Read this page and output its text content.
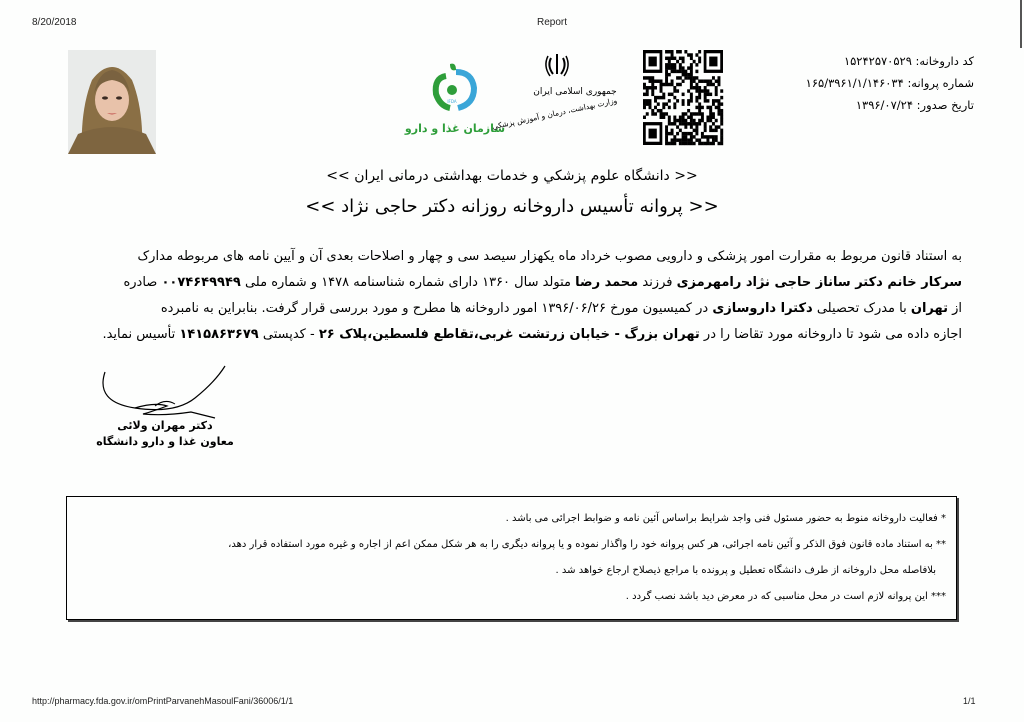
8/20/2018	Report
IFDA
سازمان غذا و دارو
جمهوری اسلامی ایران
وزارت بهداشت، درمان و آموزش پزشکی
کد داروخانه: ۱۵۲۴۲۵۷۰۵۲۹
شماره پروانه: ۱۶۵/۳۹۶۱/۱/۱۴۶۰۳۴
تاریخ صدور: ۱۳۹۶/۰۷/۲۴
<< دانشگاه علوم پزشكي و خدمات بهداشتی درمانی ایران >>
<< پروانه تأسیس داروخانه روزانه دکتر حاجی نژاد >>
به استناد قانون مربوط به مقرارت امور پزشکی و دارویی مصوب خرداد ماه یکهزار سیصد سی و چهار و اصلاحات بعدی آن و آیین نامه های مربوطه مدارک
سرکار خانم دکتر ساناز حاجی نژاد رامهرمزی فرزند محمد رضا متولد سال ۱۳۶۰ دارای شماره شناسنامه ۱۴۷۸ و شماره ملی ۰۰۷۴۶۴۹۹۴۹ صادره
از تهران با مدرک تحصیلی دکترا داروسازی در کمیسیون مورخ ۱۳۹۶/۰۶/۲۶ امور داروخانه ها مطرح و مورد بررسی قرار گرفت. بنابراین به نامبرده
اجازه داده می شود تا داروخانه مورد تقاضا را در تهران بزرگ - خیابان زرتشت غربی،تقاطع فلسطین،پلاک ۲۶ - کدپستی ۱۴۱۵۸۶۳۶۷۹ تأسیس نماید.
دکتر مهران ولائی
معاون غذا و دارو دانشگاه
* فعالیت داروخانه منوط به حضور مسئول فنی واجد شرایط براساس آئین نامه و ضوابط اجرائی می باشد .
** به استناد ماده قانون فوق الذکر و آئین نامه اجرائی، هر کس پروانه خود را واگذار نموده و یا پروانه دیگری را به هر شکل ممکن اعم از اجاره و غیره مورد استفاده قرار دهد،
بلافاصله محل داروخانه از طرف دانشگاه تعطیل و پرونده با مراجع ذیصلاح ارجاع خواهد شد .
*** این پروانه لازم است در محل مناسبی که در معرض دید باشد نصب گردد .
http://pharmacy.fda.gov.ir/omPrintParvanehMasoulFani/36006/1/1	1/1
